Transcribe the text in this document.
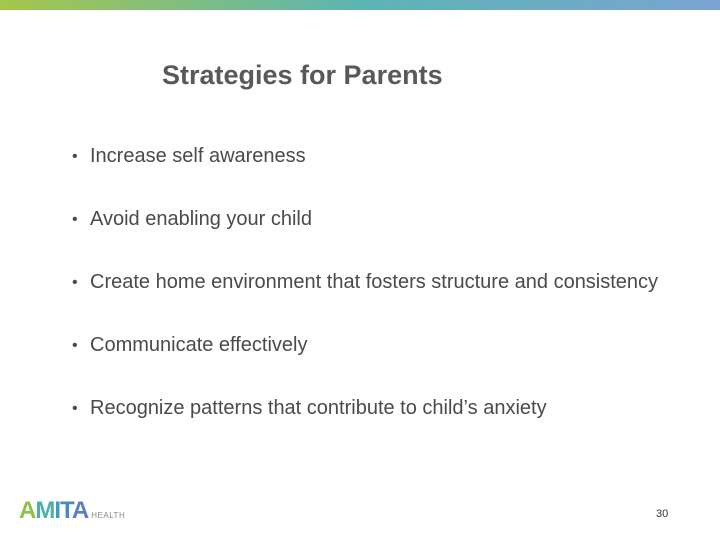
Strategies for Parents
• Increase self awareness
• Avoid enabling your child
• Create home environment that fosters structure and consistency
• Communicate effectively
• Recognize patterns that contribute to child’s anxiety
AMITA HEALTH	30
